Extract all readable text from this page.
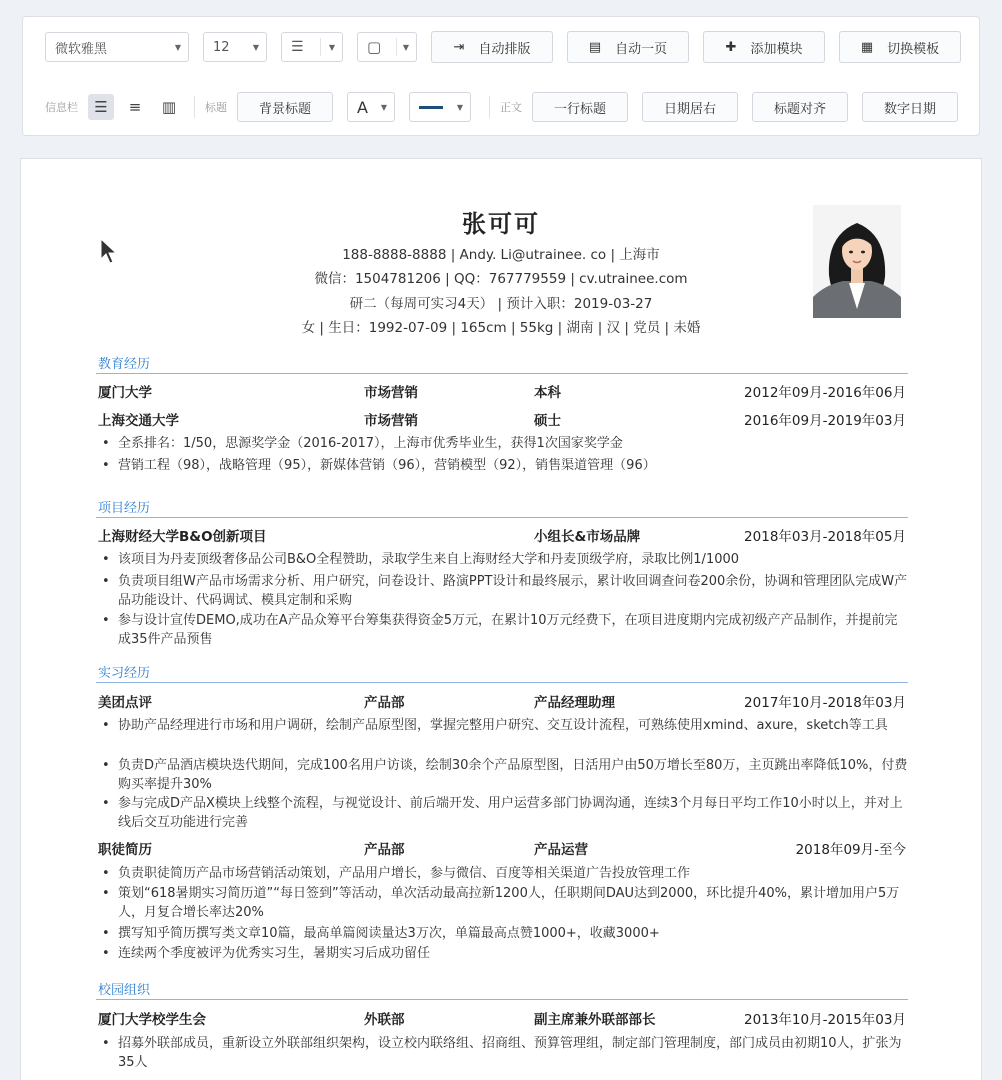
微软雅黑	▼ 12	▼ ☰	▼ ▢	▼	⇥ 自动排版	▤ 自动一页	✚ 添加模块	▦ 切换模板
信息栏	☰	≡	▥	标题 背景标题	A ▼	▼	正文 一行标题	日期居右	标题对齐	数字日期
张可可
188-8888-8888 | Andy. Li@utrainee. co | 上海市
微信：1504781206 | QQ：767779559 | cv.utrainee.com
研二（每周可实习4天） | 预计入职：2019-03-27
女 | 生日：1992-07-09 | 165cm | 55kg | 湖南 | 汉 | 党员 | 未婚
教育经历
厦门大学	市场营销	本科	2012年09月-2016年06月
上海交通大学	市场营销	硕士	2016年09月-2019年03月
• 全系排名：1/50，思源奖学金（2016-2017），上海市优秀毕业生，获得1次国家奖学金
• 营销工程（98），战略管理（95），新媒体营销（96），营销模型（92），销售渠道管理（96）
项目经历
上海财经大学B&O创新项目	小组长&市场品牌	2018年03月-2018年05月
• 该项目为丹麦顶级奢侈品公司B&O全程赞助，录取学生来自上海财经大学和丹麦顶级学府，录取比例1/1000
• 负责项目组W产品市场需求分析、用户研究，问卷设计、路演PPT设计和最终展示，累计收回调查问卷200余份，协调和管理团队完成W产品功能设计、代码调试、模具定制和采购
• 参与设计宣传DEMO,成功在A产品众筹平台筹集获得资金5万元，在累计10万元经费下，在项目进度期内完成初级产产品制作，并提前完成35件产品预售
实习经历
美团点评	产品部	产品经理助理	2017年10月-2018年03月
• 协助产品经理进行市场和用户调研，绘制产品原型图，掌握完整用户研究、交互设计流程，可熟练使用xmind、axure，sketch等工具
• 负责D产品酒店模块迭代期间，完成100名用户访谈，绘制30余个产品原型图，日活用户由50万增长至80万，主页跳出率降低10%，付费购买率提升30%
• 参与完成D产品X模块上线整个流程，与视觉设计、前后端开发、用户运营多部门协调沟通，连续3个月每日平均工作10小时以上，并对上线后交互功能进行完善
职徒简历	产品部	产品运营	2018年09月-至今
• 负责职徒简历产品市场营销活动策划，产品用户增长，参与微信、百度等相关渠道广告投放管理工作
• 策划“618暑期实习简历道”“每日签到”等活动，单次活动最高拉新1200人，任职期间DAU达到2000，环比提升40%，累计增加用户5万人，月复合增长率达20%
• 撰写知乎简历撰写类文章10篇，最高单篇阅读量达3万次，单篇最高点赞1000+，收藏3000+
• 连续两个季度被评为优秀实习生，暑期实习后成功留任
校园组织
厦门大学校学生会	外联部	副主席兼外联部部长	2013年10月-2015年03月
• 招募外联部成员，重新设立外联部组织架构，设立校内联络组、招商组、预算管理组，制定部门管理制度，部门成员由初期10人，扩张为35人
